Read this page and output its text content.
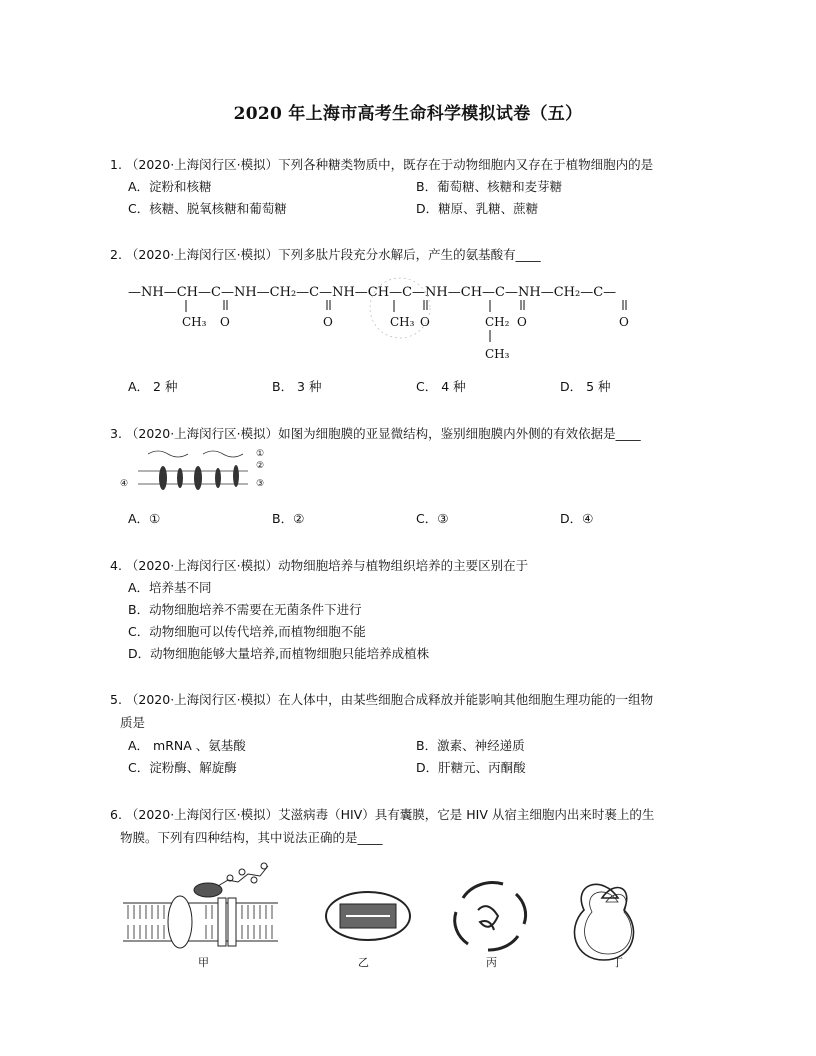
2020 年上海市高考生命科学模拟试卷（五）
1. （2020·上海闵行区·模拟）下列各种糖类物质中，既存在于动物细胞内又存在于植物细胞内的是
A．淀粉和核糖	B．葡萄糖、核糖和麦芽糖
C．核糖、脱氧核糖和葡萄糖	D．糖原、乳糖、蔗糖
2. （2020·上海闵行区·模拟）下列多肽片段充分水解后，产生的氨基酸有____
—NH—CH—C—NH—CH₂—C—NH—CH—C—NH—CH—C—NH—CH₂—C—
CH₃ O	O	CH₃ O	CH₂ O	O
CH₃
A． 2 种	B． 3 种	C． 4 种	D． 5 种
3. （2020·上海闵行区·模拟）如图为细胞膜的亚显微结构，鉴别细胞膜内外侧的有效依据是____
①
②
③
④
A．①	B．②	C．③	D．④
4. （2020·上海闵行区·模拟）动物细胞培养与植物组织培养的主要区别在于
A．培养基不同
B．动物细胞培养不需要在无菌条件下进行
C．动物细胞可以传代培养,而植物细胞不能
D．动物细胞能够大量培养,而植物细胞只能培养成植株
5. （2020·上海闵行区·模拟）在人体中，由某些细胞合成释放并能影响其他细胞生理功能的一组物
质是
A． mRNA 、氨基酸	B．激素、神经递质
C．淀粉酶、解旋酶	D．肝糖元、丙酮酸
6. （2020·上海闵行区·模拟）艾滋病毒（HIV）具有囊膜，它是 HIV 从宿主细胞内出来时裹上的生
物膜。下列有四种结构，其中说法正确的是____
甲	乙	丙	丁
